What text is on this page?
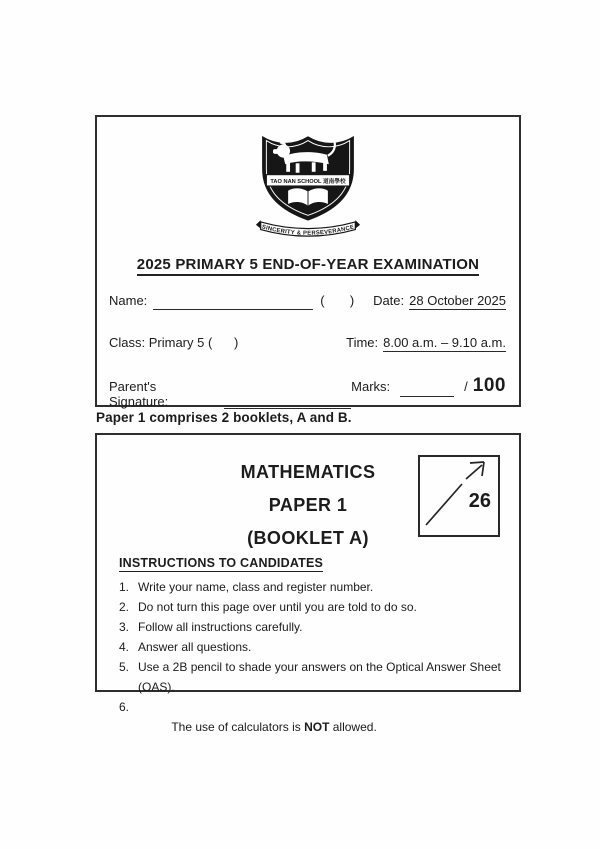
TAO NAN SCHOOL 道南學校
SINCERITY & PERSEVERANCE
2025 PRIMARY 5 END-OF-YEAR EXAMINATION
Name:	(       ) Date: 28 October 2025
Class: Primary 5 (      )	Time: 8.00 a.m. – 9.10 a.m.
Parent's Signature:
Marks:	/ 100
Paper 1 comprises 2 booklets, A and B.
MATHEMATICS
PAPER 1
(BOOKLET A)
26
INSTRUCTIONS TO CANDIDATES
1. Write your name, class and register number.
2. Do not turn this page over until you are told to do so.
3. Follow all instructions carefully.
4. Answer all questions.
5. Use a 2B pencil to shade your answers on the Optical Answer Sheet (OAS).
6.

The use of calculators is NOT allowed.
